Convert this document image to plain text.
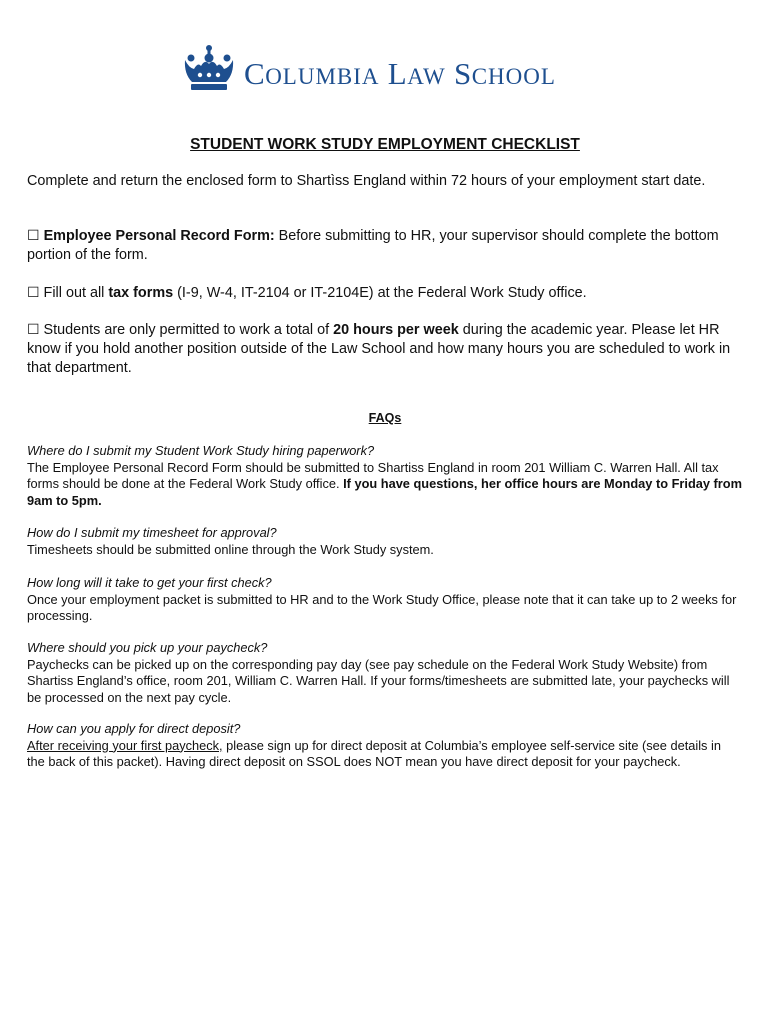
COLUMBIA LAW SCHOOL
STUDENT WORK STUDY EMPLOYMENT CHECKLIST
Complete and return the enclosed form to Shartìss England within 72 hours of your employment start date.
☐ Employee Personal Record Form: Before submitting to HR, your supervisor should complete the bottom portion of the form.
☐ Fill out all tax forms (I-9, W-4, IT-2104 or IT-2104E) at the Federal Work Study office.
☐ Students are only permitted to work a total of 20 hours per week during the academic year. Please let HR know if you hold another position outside of the Law School and how many hours you are scheduled to work in that department.
FAQs
Where do I submit my Student Work Study hiring paperwork?
The Employee Personal Record Form should be submitted to Shartiss England in room 201 William C. Warren Hall. All tax forms should be done at the Federal Work Study office. If you have questions, her office hours are Monday to Friday from 9am to 5pm.
How do I submit my timesheet for approval?
Timesheets should be submitted online through the Work Study system.
How long will it take to get your first check?
Once your employment packet is submitted to HR and to the Work Study Office, please note that it can take up to 2 weeks for processing.
Where should you pick up your paycheck?
Paychecks can be picked up on the corresponding pay day (see pay schedule on the Federal Work Study Website) from Shartiss England’s office, room 201, William C. Warren Hall. If your forms/timesheets are submitted late, your paychecks will be processed on the next pay cycle.
How can you apply for direct deposit?
After receiving your first paycheck, please sign up for direct deposit at Columbia’s employee self-service site (see details in the back of this packet). Having direct deposit on SSOL does NOT mean you have direct deposit for your paycheck.
